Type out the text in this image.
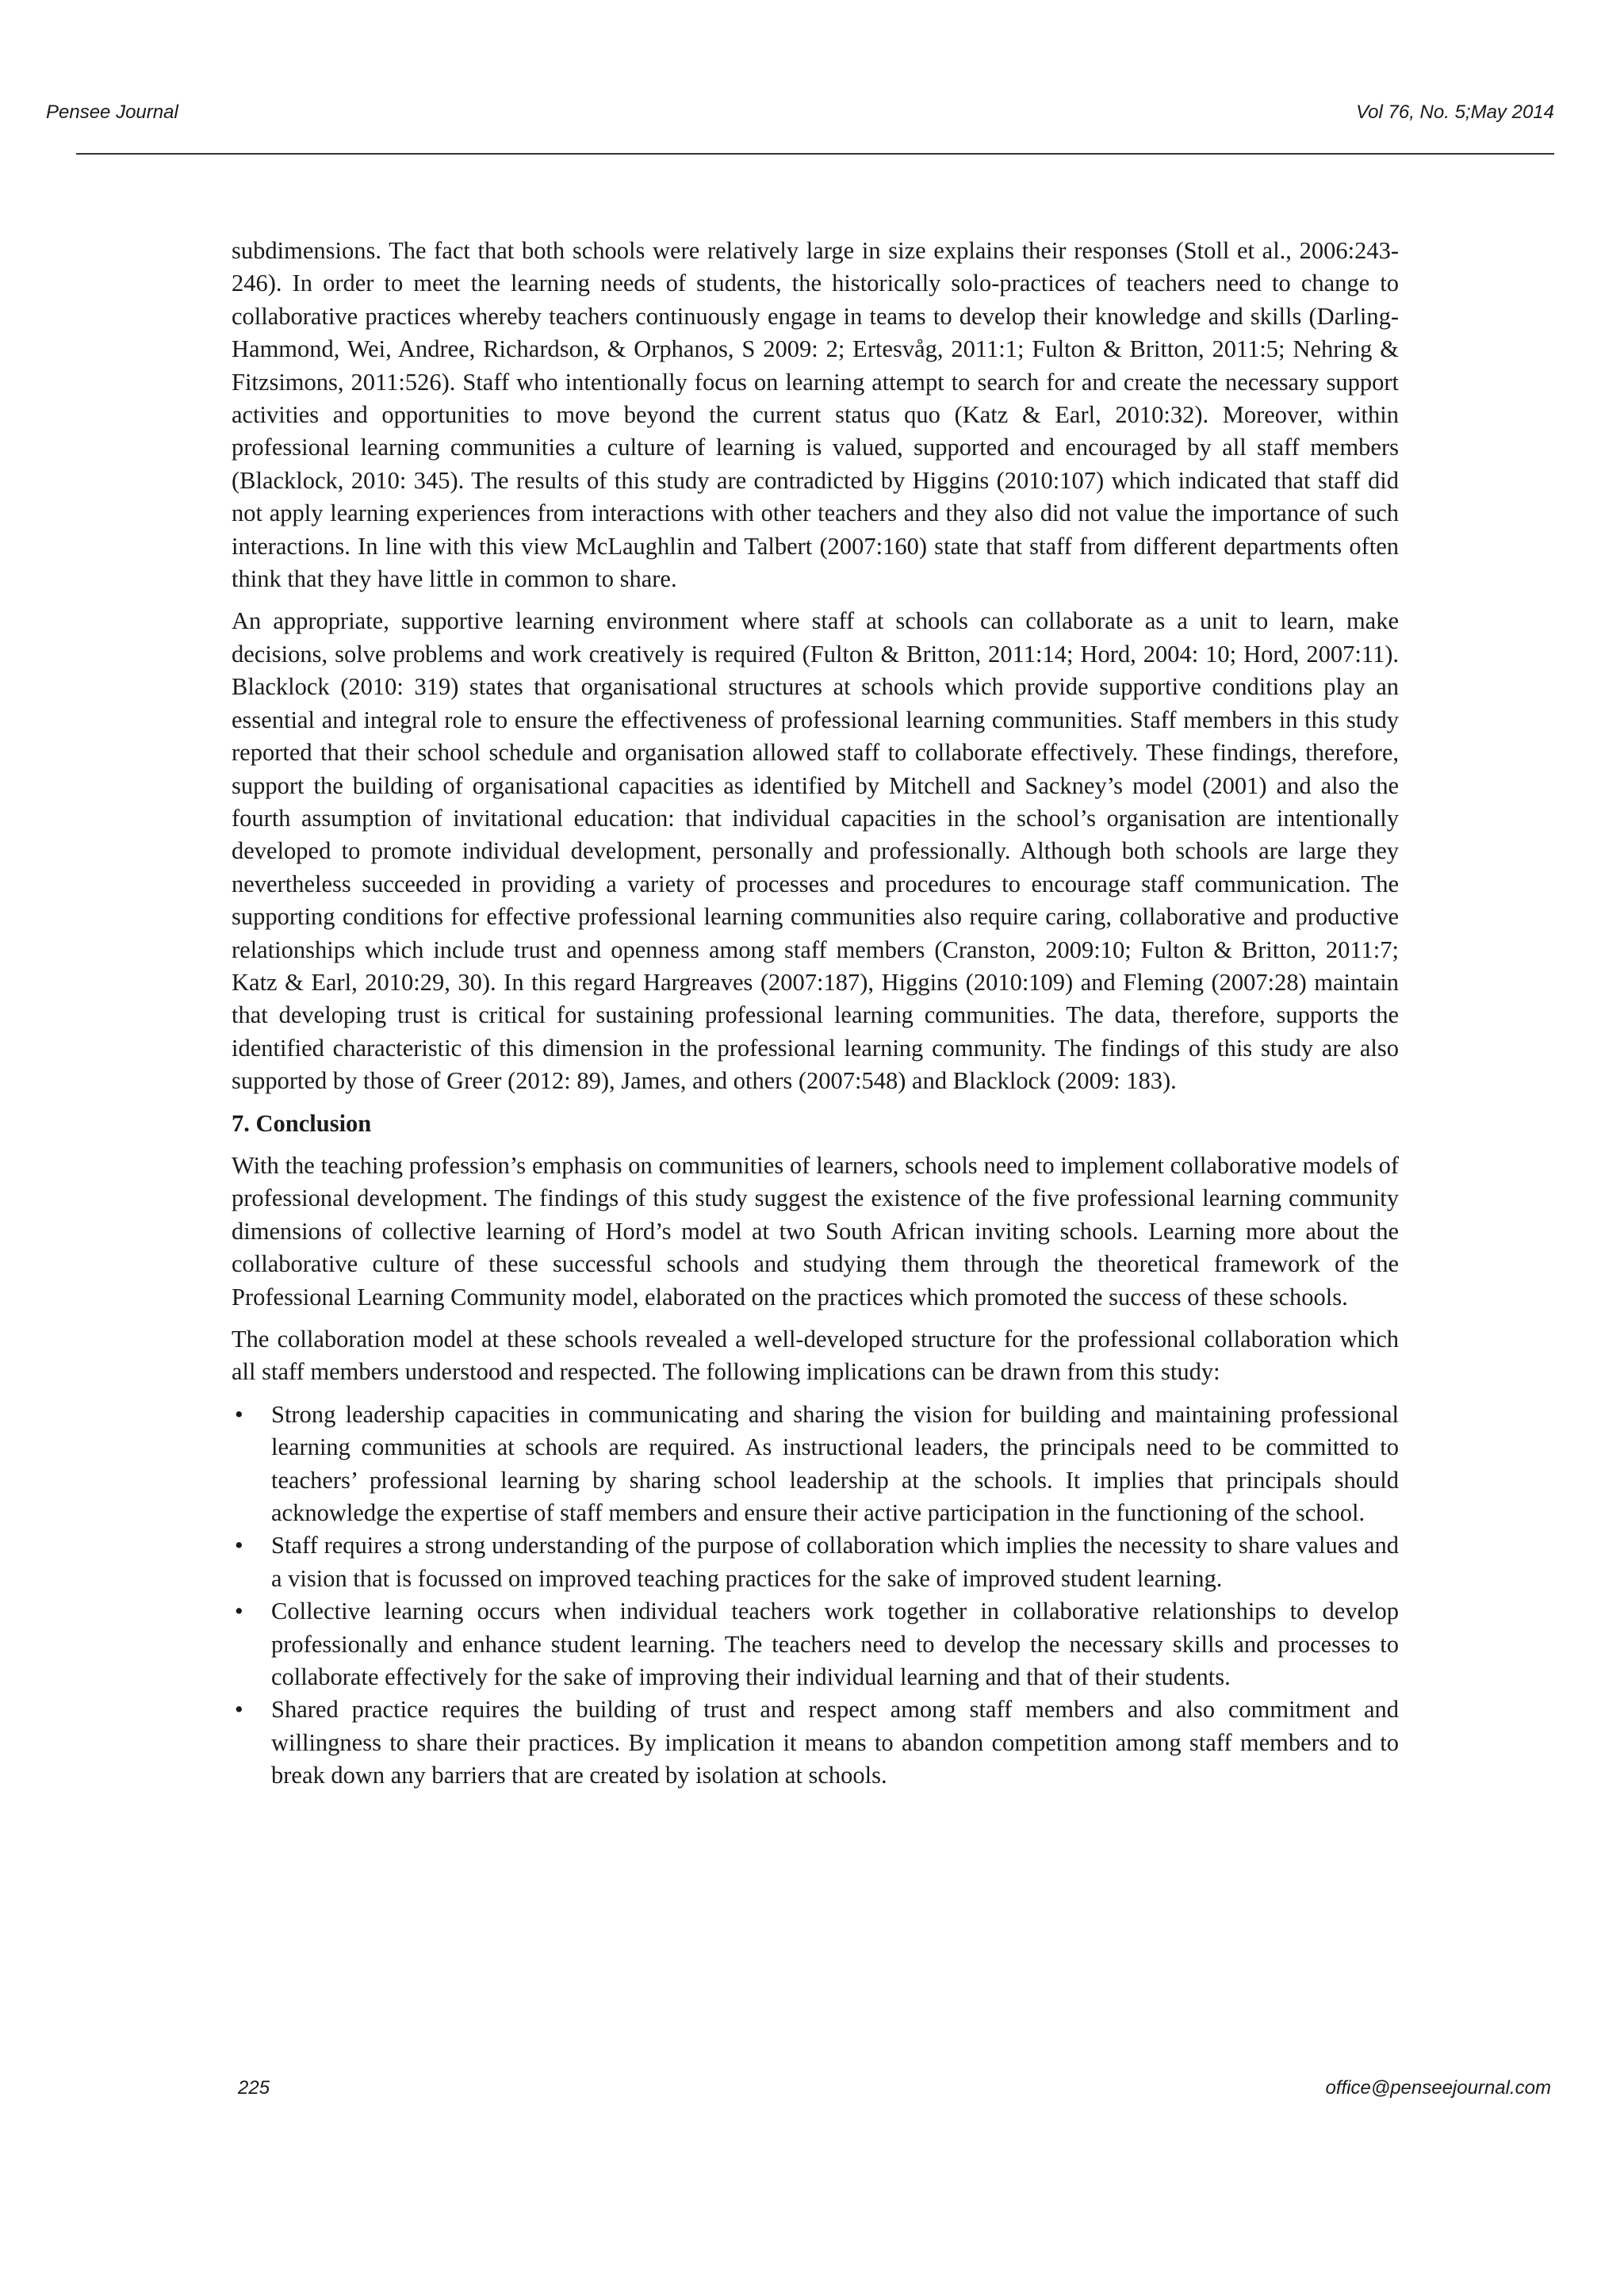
Pensee Journal	Vol 76, No. 5;May 2014

subdimensions. The fact that both schools were relatively large in size explains their responses (Stoll et al., 2006:243-246). In order to meet the learning needs of students, the historically solo-practices of teachers need to change to collaborative practices whereby teachers continuously engage in teams to develop their knowledge and skills (Darling-Hammond, Wei, Andree, Richardson, & Orphanos, S 2009: 2; Ertesvåg, 2011:1; Fulton & Britton, 2011:5; Nehring & Fitzsimons, 2011:526). Staff who intentionally focus on learning attempt to search for and create the necessary support activities and opportunities to move beyond the current status quo (Katz & Earl, 2010:32). Moreover, within professional learning communities a culture of learning is valued, supported and encouraged by all staff members (Blacklock, 2010: 345). The results of this study are contradicted by Higgins (2010:107) which indicated that staff did not apply learning experiences from interactions with other teachers and they also did not value the importance of such interactions. In line with this view McLaughlin and Talbert (2007:160) state that staff from different departments often think that they have little in common to share.

An appropriate, supportive learning environment where staff at schools can collaborate as a unit to learn, make decisions, solve problems and work creatively is required (Fulton & Britton, 2011:14; Hord, 2004: 10; Hord, 2007:11). Blacklock (2010: 319) states that organisational structures at schools which provide supportive conditions play an essential and integral role to ensure the effectiveness of professional learning communities. Staff members in this study reported that their school schedule and organisation allowed staff to collaborate effectively. These findings, therefore, support the building of organisational capacities as identified by Mitchell and Sackney’s model (2001) and also the fourth assumption of invitational education: that individual capacities in the school’s organisation are intentionally developed to promote individual development, personally and professionally. Although both schools are large they nevertheless succeeded in providing a variety of processes and procedures to encourage staff communication. The supporting conditions for effective professional learning communities also require caring, collaborative and productive relationships which include trust and openness among staff members (Cranston, 2009:10; Fulton & Britton, 2011:7; Katz & Earl, 2010:29, 30). In this regard Hargreaves (2007:187), Higgins (2010:109) and Fleming (2007:28) maintain that developing trust is critical for sustaining professional learning communities. The data, therefore, supports the identified characteristic of this dimension in the professional learning community. The findings of this study are also supported by those of Greer (2012: 89), James, and others (2007:548) and Blacklock (2009: 183).

7. Conclusion

With the teaching profession’s emphasis on communities of learners, schools need to implement collaborative models of professional development. The findings of this study suggest the existence of the five professional learning community dimensions of collective learning of Hord’s model at two South African inviting schools. Learning more about the collaborative culture of these successful schools and studying them through the theoretical framework of the Professional Learning Community model, elaborated on the practices which promoted the success of these schools.

The collaboration model at these schools revealed a well-developed structure for the professional collaboration which all staff members understood and respected. The following implications can be drawn from this study:

• Strong leadership capacities in communicating and sharing the vision for building and maintaining professional learning communities at schools are required. As instructional leaders, the principals need to be committed to teachers’ professional learning by sharing school leadership at the schools. It implies that principals should acknowledge the expertise of staff members and ensure their active participation in the functioning of the school.
• Staff requires a strong understanding of the purpose of collaboration which implies the necessity to share values and a vision that is focussed on improved teaching practices for the sake of improved student learning.
• Collective learning occurs when individual teachers work together in collaborative relationships to develop professionally and enhance student learning. The teachers need to develop the necessary skills and processes to collaborate effectively for the sake of improving their individual learning and that of their students.
• Shared practice requires the building of trust and respect among staff members and also commitment and willingness to share their practices. By implication it means to abandon competition among staff members and to break down any barriers that are created by isolation at schools.
225	office@penseejournal.com
